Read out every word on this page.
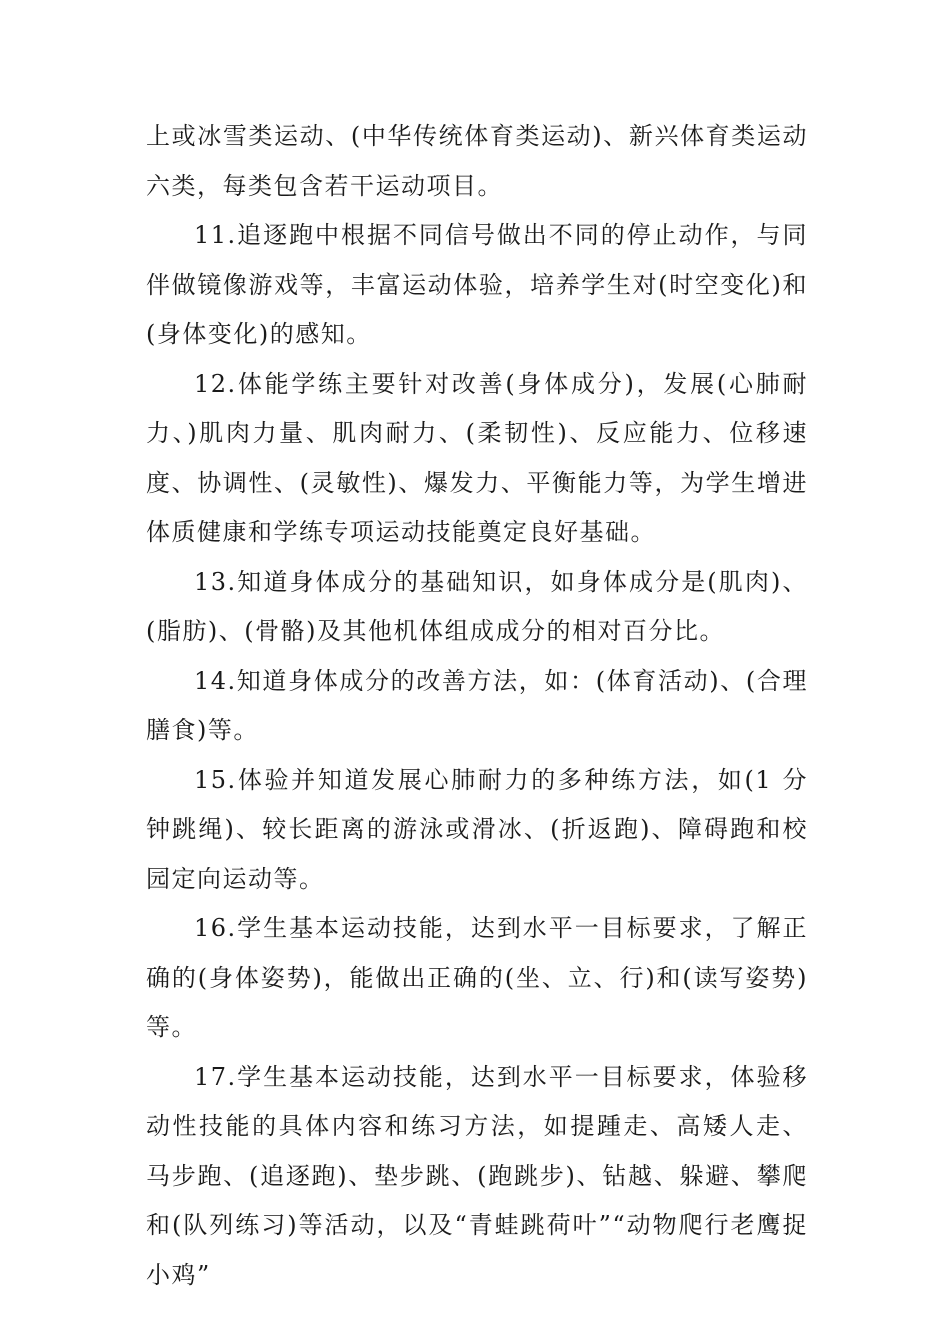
上或冰雪类运动、(中华传统体育类运动)、新兴体育类运动六类，每类包含若干运动项目。

11.追逐跑中根据不同信号做出不同的停止动作，与同伴做镜像游戏等，丰富运动体验，培养学生对(时空变化)和(身体变化)的感知。

12.体能学练主要针对改善(身体成分)，发展(心肺耐力、)肌肉力量、肌肉耐力、(柔韧性)、反应能力、位移速度、协调性、(灵敏性)、爆发力、平衡能力等，为学生增进体质健康和学练专项运动技能奠定良好基础。

13.知道身体成分的基础知识，如身体成分是(肌肉)、(脂肪)、(骨骼)及其他机体组成成分的相对百分比。

14.知道身体成分的改善方法，如：(体育活动)、(合理膳食)等。

15.体验并知道发展心肺耐力的多种练方法，如(1 分钟跳绳)、较长距离的游泳或滑冰、(折返跑)、障碍跑和校园定向运动等。

16.学生基本运动技能，达到水平一目标要求，了解正确的(身体姿势)，能做出正确的(坐、立、行)和(读写姿势)等。

17.学生基本运动技能，达到水平一目标要求，体验移动性技能的具体内容和练习方法，如提踵走、高矮人走、马步跑、(追逐跑)、垫步跳、(跑跳步)、钻越、躲避、攀爬和(队列练习)等活动，以及“青蛙跳荷叶”“动物爬行老鹰捉小鸡”
